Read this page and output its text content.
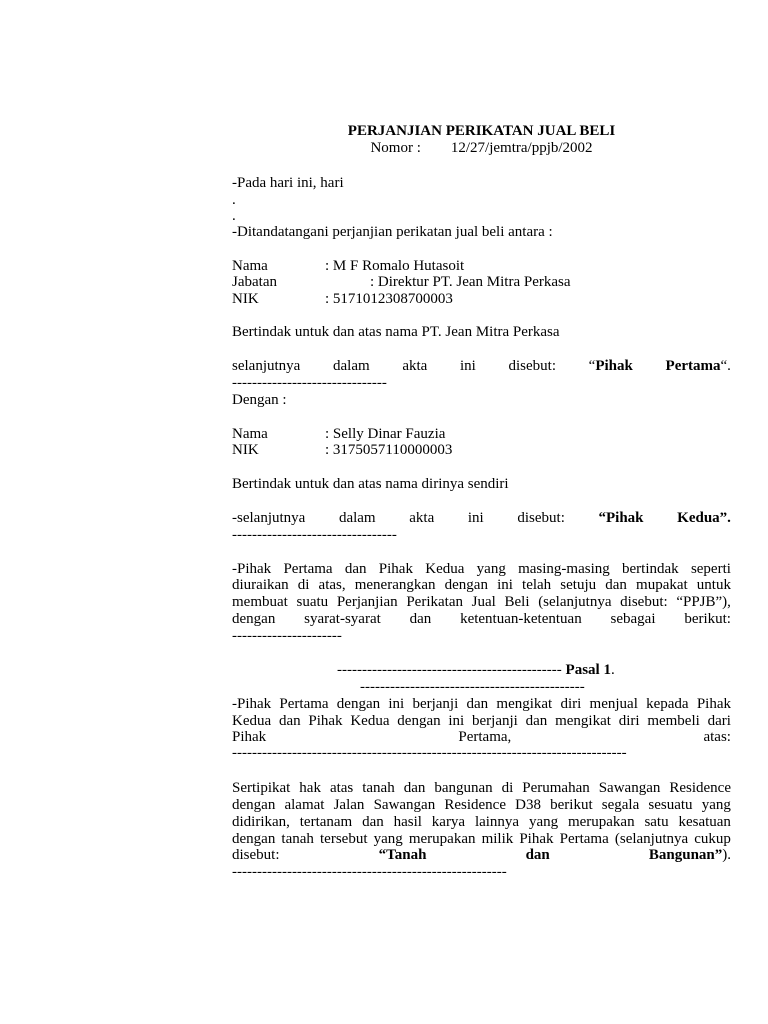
PERJANJIAN PERIKATAN JUAL BELI
Nomor : 12/27/jemtra/ppjb/2002
-Pada hari ini, hari
.
.
-Ditandatangani perjanjian perikatan jual beli antara :
Nama	: M F Romalo Hutasoit
Jabatan	: Direktur PT. Jean Mitra Perkasa
NIK	: 5171012308700003
Bertindak untuk dan atas nama PT. Jean Mitra Perkasa
selanjutnya dalam akta ini disebut: “Pihak Pertama“.
-------------------------------
Dengan :
Nama	: Selly Dinar Fauzia
NIK	: 3175057110000003
Bertindak untuk dan atas nama dirinya sendiri
-selanjutnya dalam akta ini disebut: “Pihak Kedua”.
---------------------------------
-Pihak Pertama dan Pihak Kedua yang masing-masing bertindak seperti
diuraikan di atas, menerangkan dengan ini telah setuju dan mupakat untuk
membuat suatu Perjanjian Perikatan Jual Beli (selanjutnya disebut: “PPJB”),
dengan syarat-syarat dan ketentuan-ketentuan sebagai berikut:
----------------------
--------------------------------------------- Pasal 1.
---------------------------------------------
-Pihak Pertama dengan ini berjanji dan mengikat diri menjual kepada Pihak
Kedua dan Pihak Kedua dengan ini berjanji dan mengikat diri membeli dari
Pihak	Pertama,	atas:
-------------------------------------------------------------------------------
Sertipikat hak atas tanah dan bangunan di Perumahan Sawangan Residence
dengan alamat Jalan Sawangan Residence D38 berikut segala sesuatu yang
didirikan, tertanam dan hasil karya lainnya yang merupakan satu kesatuan
dengan tanah tersebut yang merupakan milik Pihak Pertama (selanjutnya cukup
disebut:	“Tanah	dan	Bangunan”).
-------------------------------------------------------
